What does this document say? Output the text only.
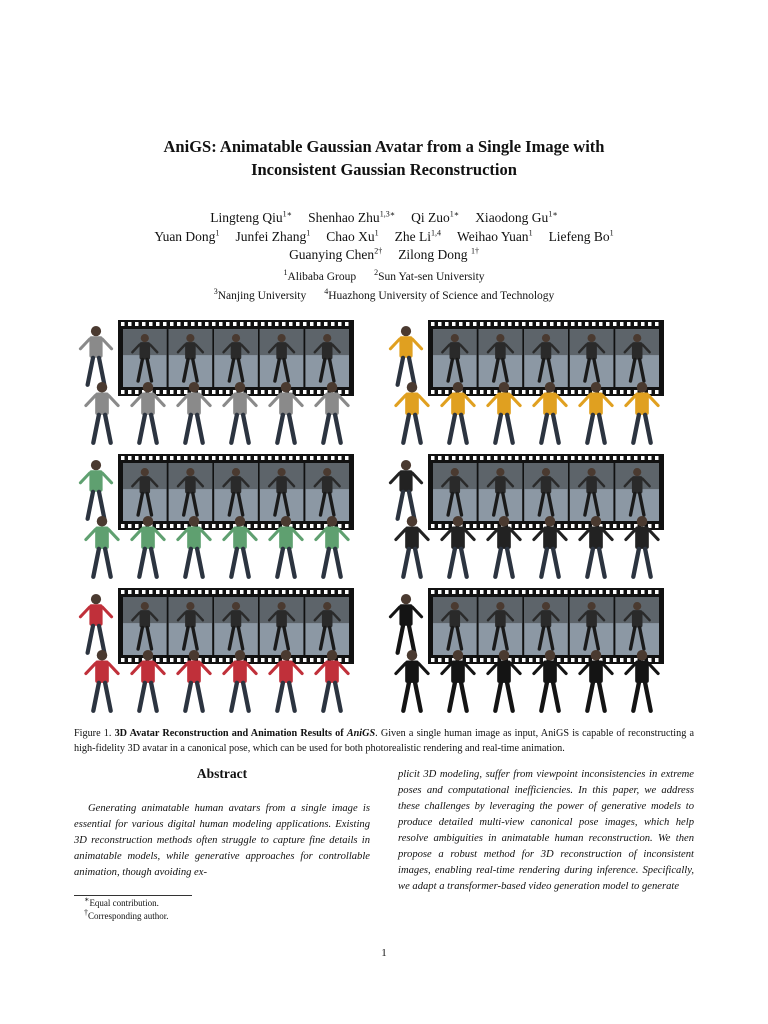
AniGS: Animatable Gaussian Avatar from a Single Image with
Inconsistent Gaussian Reconstruction
Lingteng Qiu$^{1∗}$ Shenhao Zhu$^{1,3∗}$ Qi Zuo$^{1∗}$ Xiaodong $Gu^{1∗}$
Yuan Dong$^1$ Junfei Zhang$^1$ Chao Xu$^1$ Zhe Li$^{1,4}$ Weihao Yuan$^1$ Liefeng Bo$^1$
Guanying Chen$^{2\dagger}$ Zilong Dong $^{1\dagger}$
$^1$Alibaba Group $^2$Sun Yat-sen University
$^3$Nanjing University $^4$Huazhong University of Science and Technology
Figure 1. 3D Avatar Reconstruction and Animation Results of AniGS. Given a single human image as input, AniGS is capable of reconstructing a high-fidelity 3D avatar in a canonical pose, which can be used for both photorealistic rendering and real-time animation.
Abstract
Generating animatable human avatars from a single image is essential for various digital human modeling applications. Existing 3D reconstruction methods often struggle to capture fine details in animatable models, while generative approaches for controllable animation, though avoiding ex-
plicit 3D modeling, suffer from viewpoint inconsistencies in extreme poses and computational inefficiencies. In this paper, we address these challenges by leveraging the power of generative models to produce detailed multi-view canonical pose images, which help resolve ambiguities in animatable human reconstruction. We then propose a robust method for 3D reconstruction of inconsistent images, enabling real-time rendering during inference. Specifically, we adapt a transformer-based video generation model to generate
∗Equal contribution.
†Corresponding author.
1
